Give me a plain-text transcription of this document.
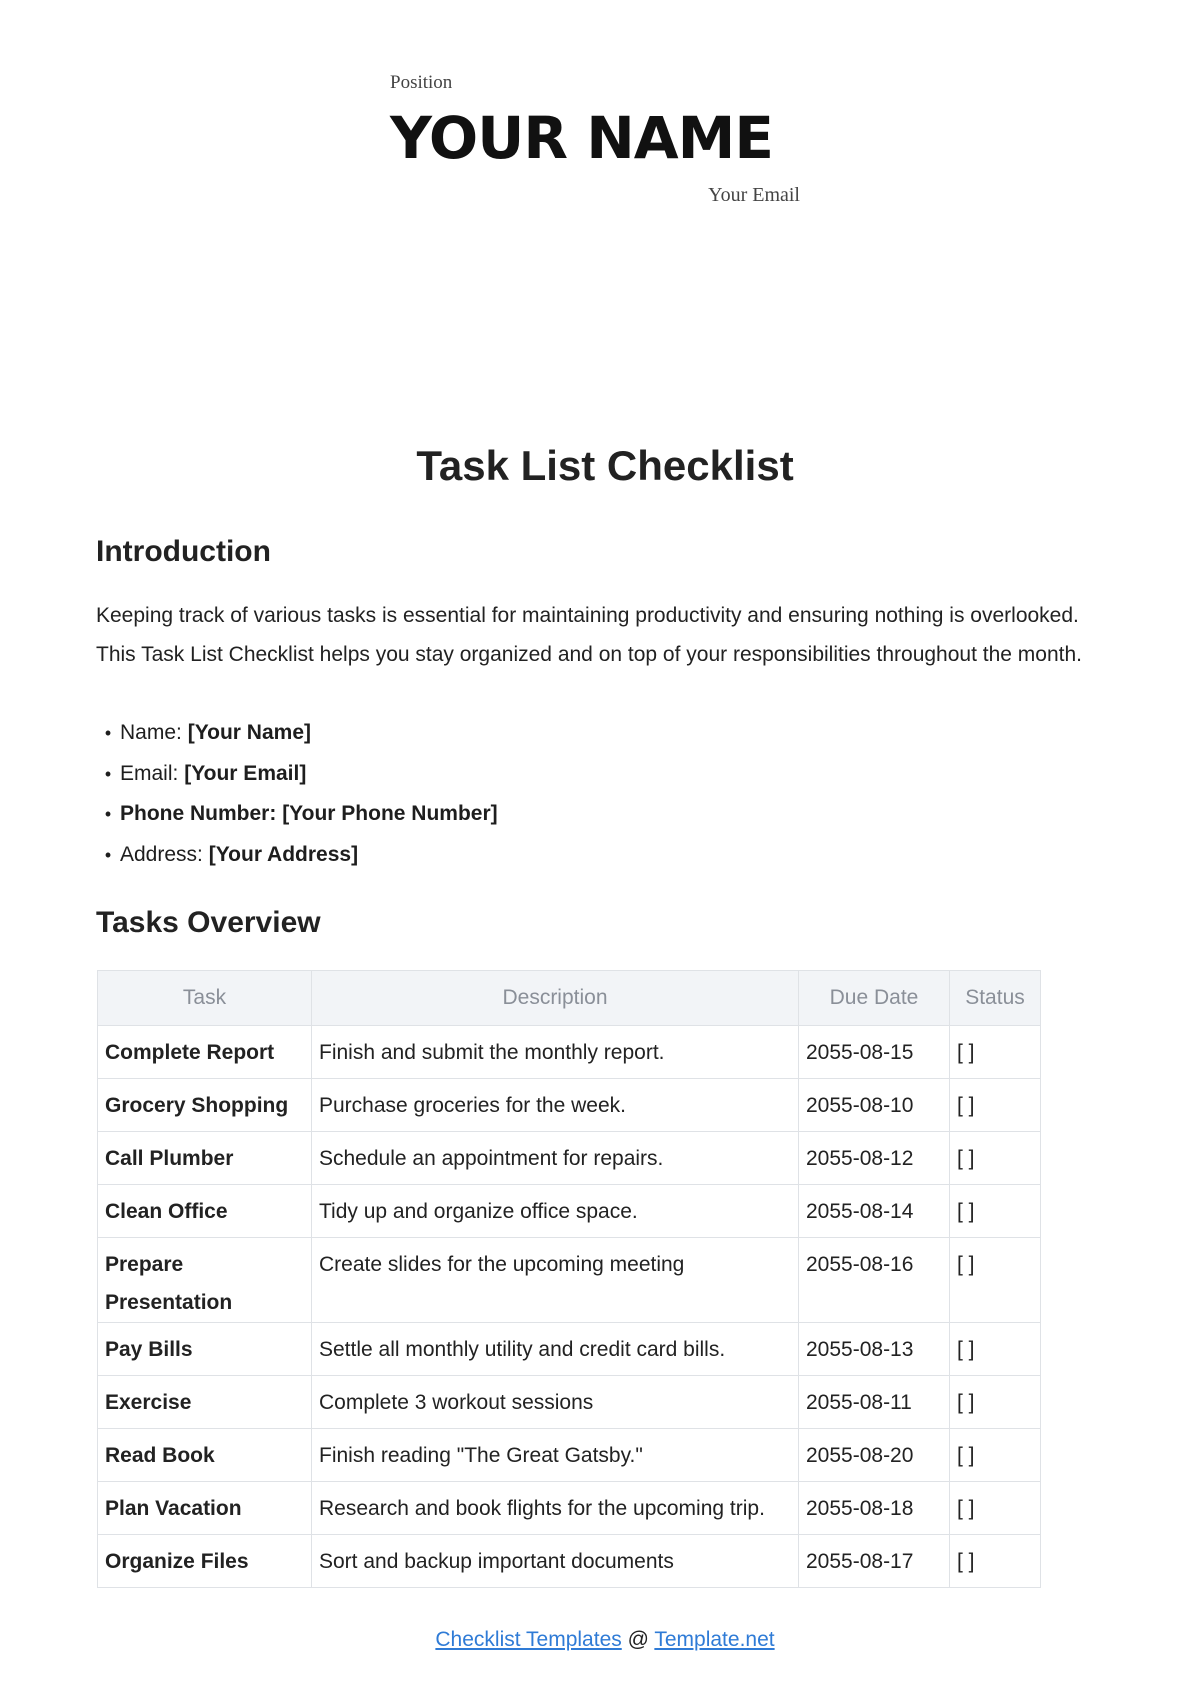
Position
YOUR NAME
Your Email
Task List Checklist
Introduction
Keeping track of various tasks is essential for maintaining productivity and ensuring nothing is overlooked. This Task List Checklist helps you stay organized and on top of your responsibilities throughout the month.
• Name: [Your Name]
• Email: [Your Email]
• Phone Number: [Your Phone Number]
• Address: [Your Address]
Tasks Overview
Task	Description	Due Date	Status
Complete Report	Finish and submit the monthly report.	2055-08-15	[ ]
Grocery Shopping	Purchase groceries for the week.	2055-08-10	[ ]
Call Plumber	Schedule an appointment for repairs.	2055-08-12	[ ]
Clean Office	Tidy up and organize office space.	2055-08-14	[ ]
Prepare Presentation	Create slides for the upcoming meeting	2055-08-16	[ ]
Pay Bills	Settle all monthly utility and credit card bills.	2055-08-13	[ ]
Exercise	Complete 3 workout sessions	2055-08-11	[ ]
Read Book	Finish reading "The Great Gatsby."	2055-08-20	[ ]
Plan Vacation	Research and book flights for the upcoming trip.	2055-08-18	[ ]
Organize Files	Sort and backup important documents	2055-08-17	[ ]
Checklist Templates @ Template.net
